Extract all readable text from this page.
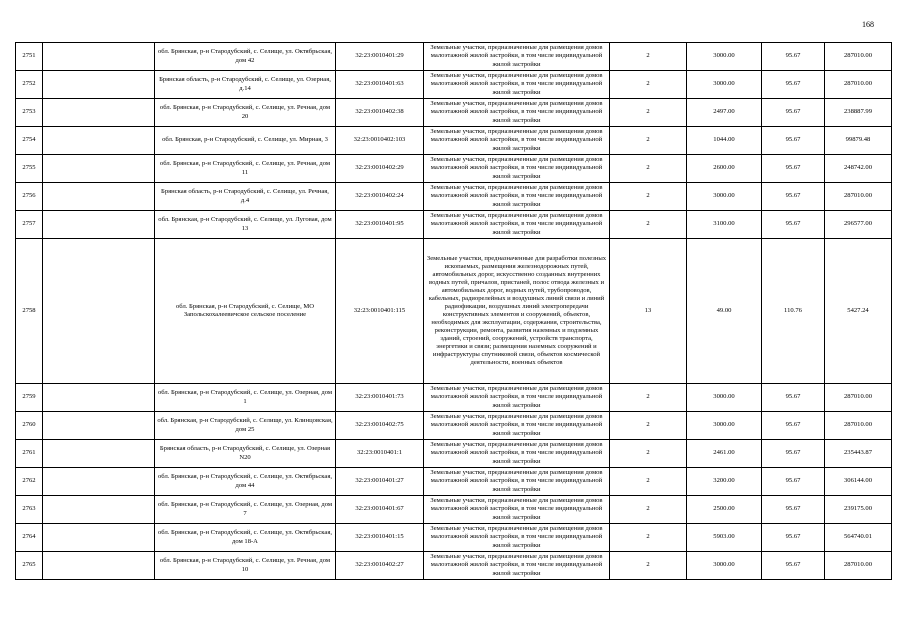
168
2751		обл. Брянская, р-н Стародубский, с. Селище, ул. Октябрьская, дом 42	32:23:0010401:29	Земельные участки, предназначенные для размещения домов малоэтажной жилой застройки, в том числе индивидуальной жилой застройки	2	3000.00	95.67	287010.00
2752		Брянская область, р-н Стародубский, с. Селище, ул. Озерная, д.14	32:23:0010401:63	Земельные участки, предназначенные для размещения домов малоэтажной жилой застройки, в том числе индивидуальной жилой застройки	2	3000.00	95.67	287010.00
2753		обл. Брянская, р-н Стародубский, с. Селище, ул. Речная, дом 20	32:23:0010402:38	Земельные участки, предназначенные для размещения домов малоэтажной жилой застройки, в том числе индивидуальной жилой застройки	2	2497.00	95.67	238887.99
2754		обл. Брянская, р-н Стародубский, с. Селище, ул. Мирная, 3	32:23:0010402:103	Земельные участки, предназначенные для размещения домов малоэтажной жилой застройки, в том числе индивидуальной жилой застройки	2	1044.00	95.67	99879.48
2755		обл. Брянская, р-н Стародубский, с. Селище, ул. Речная, дом 11	32:23:0010402:29	Земельные участки, предназначенные для размещения домов малоэтажной жилой застройки, в том числе индивидуальной жилой застройки	2	2600.00	95.67	248742.00
2756		Брянская область, р-н Стародубский, с. Селище, ул. Речная, д.4	32:23:0010402:24	Земельные участки, предназначенные для размещения домов малоэтажной жилой застройки, в том числе индивидуальной жилой застройки	2	3000.00	95.67	287010.00
2757		обл. Брянская, р-н Стародубский, с. Селище, ул. Луговая, дом 13	32:23:0010401:95	Земельные участки, предназначенные для размещения домов малоэтажной жилой застройки, в том числе индивидуальной жилой застройки	2	3100.00	95.67	296577.00
2758		обл. Брянская, р-н Стародубский, с. Селище, МО Запольскохалеевичское сельское поселение	32:23:0010401:115	Земельные участки, предназначенные для разработки полезных ископаемых, размещения железнодорожных путей, автомобильных дорог, искусственно созданных внутренних водных путей, причалов, пристаней, полос отвода железных и автомобильных дорог, водных путей, трубопроводов, кабельных, радиорелейных и воздушных линий связи и линий радиофикации, воздушных линий электропередачи конструктивных элементов и сооружений, объектов, необходимых для эксплуатации, содержания, строительства, реконструкции, ремонта, развития наземных и подземных зданий, строений, сооружений, устройств транспорта, энергетики и связи; размещения наземных сооружений и инфраструктуры спутниковой связи, объектов космической деятельности, военных объектов	13	49.00	110.76	5427.24
2759		обл. Брянская, р-н Стародубский, с. Селище, ул. Озерная, дом 1	32:23:0010401:73	Земельные участки, предназначенные для размещения домов малоэтажной жилой застройки, в том числе индивидуальной жилой застройки	2	3000.00	95.67	287010.00
2760		обл. Брянская, р-н Стародубский, с. Селище, ул. Клинцовская, дом 25	32:23:0010402:75	Земельные участки, предназначенные для размещения домов малоэтажной жилой застройки, в том числе индивидуальной жилой застройки	2	3000.00	95.67	287010.00
2761		Брянская область, р-н Стародубский, с. Селище, ул. Озерная N20	32:23:0010401:1	Земельные участки, предназначенные для размещения домов малоэтажной жилой застройки, в том числе индивидуальной жилой застройки	2	2461.00	95.67	235443.87
2762		обл. Брянская, р-н Стародубский, с. Селище, ул. Октябрьская, дом 44	32:23:0010401:27	Земельные участки, предназначенные для размещения домов малоэтажной жилой застройки, в том числе индивидуальной жилой застройки	2	3200.00	95.67	306144.00
2763		обл. Брянская, р-н Стародубский, с. Селище, ул. Озерная, дом 7	32:23:0010401:67	Земельные участки, предназначенные для размещения домов малоэтажной жилой застройки, в том числе индивидуальной жилой застройки	2	2500.00	95.67	239175.00
2764		обл. Брянская, р-н Стародубский, с. Селище, ул. Октябрьская, дом 18-А	32:23:0010401:15	Земельные участки, предназначенные для размещения домов малоэтажной жилой застройки, в том числе индивидуальной жилой застройки	2	5903.00	95.67	564740.01
2765		обл. Брянская, р-н Стародубский, с. Селище, ул. Речная, дом 10	32:23:0010402:27	Земельные участки, предназначенные для размещения домов малоэтажной жилой застройки, в том числе индивидуальной жилой застройки	2	3000.00	95.67	287010.00
